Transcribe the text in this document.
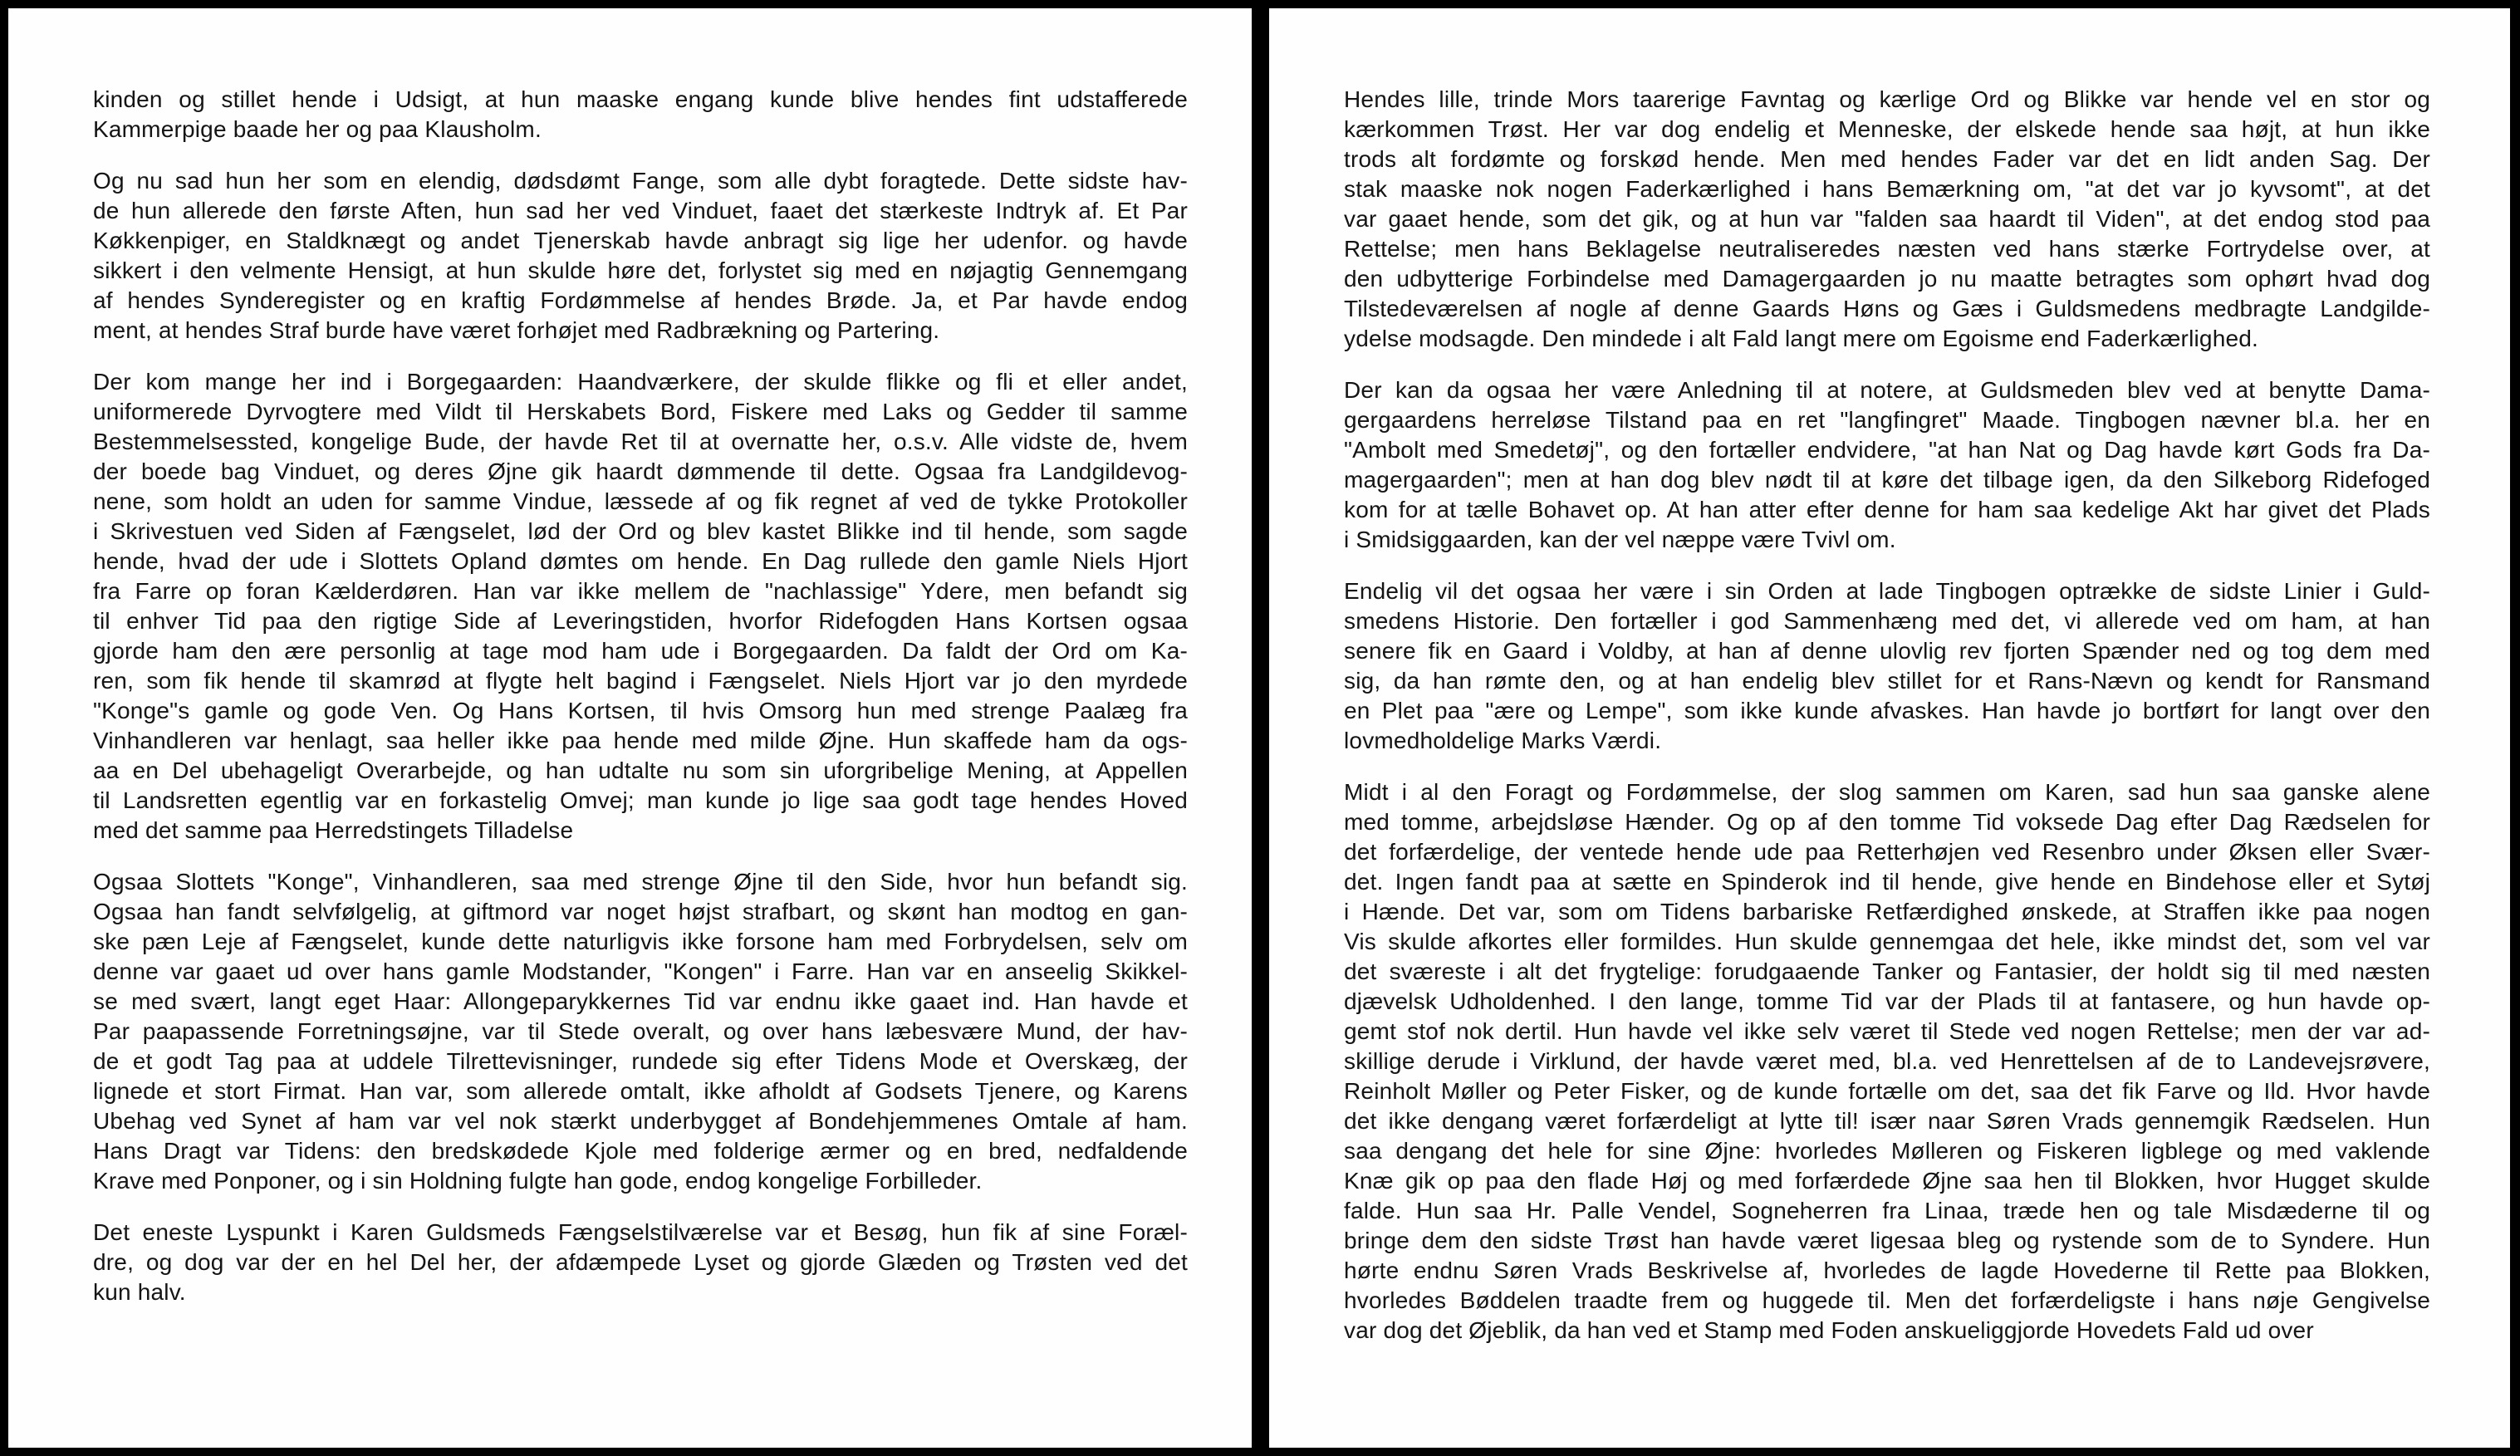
kinden og stillet hende i Udsigt, at hun maaske engang kunde blive hendes fint udstafferede
Kammerpige baade her og paa Klausholm.
Og nu sad hun her som en elendig, dødsdømt Fange, som alle dybt foragtede. Dette sidste hav-
de hun allerede den første Aften, hun sad her ved Vinduet, faaet det stærkeste Indtryk af. Et Par
Køkkenpiger, en Staldknægt og andet Tjenerskab havde anbragt sig lige her udenfor. og havde
sikkert i den velmente Hensigt, at hun skulde høre det, forlystet sig med en nøjagtig Gennemgang
af hendes Synderegister og en kraftig Fordømmelse af hendes Brøde. Ja, et Par havde endog
ment, at hendes Straf burde have været forhøjet med Radbrækning og Partering.
Der kom mange her ind i Borgegaarden: Haandværkere, der skulde flikke og fli et eller andet,
uniformerede Dyrvogtere med Vildt til Herskabets Bord, Fiskere med Laks og Gedder til samme
Bestemmelsessted, kongelige Bude, der havde Ret til at overnatte her, o.s.v. Alle vidste de, hvem
der boede bag Vinduet, og deres Øjne gik haardt dømmende til dette. Ogsaa fra Landgildevog-
nene, som holdt an uden for samme Vindue, læssede af og fik regnet af ved de tykke Protokoller
i Skrivestuen ved Siden af Fængselet, lød der Ord og blev kastet Blikke ind til hende, som sagde
hende, hvad der ude i Slottets Opland dømtes om hende. En Dag rullede den gamle Niels Hjort
fra Farre op foran Kælderdøren. Han var ikke mellem de "nachlassige" Ydere, men befandt sig
til enhver Tid paa den rigtige Side af Leveringstiden, hvorfor Ridefogden Hans Kortsen ogsaa
gjorde ham den ære personlig at tage mod ham ude i Borgegaarden. Da faldt der Ord om Ka-
ren, som fik hende til skamrød at flygte helt bagind i Fængselet. Niels Hjort var jo den myrdede
"Konge"s gamle og gode Ven. Og Hans Kortsen, til hvis Omsorg hun med strenge Paalæg fra
Vinhandleren var henlagt, saa heller ikke paa hende med milde Øjne. Hun skaffede ham da ogs-
aa en Del ubehageligt Overarbejde, og han udtalte nu som sin uforgribelige Mening, at Appellen
til Landsretten egentlig var en forkastelig Omvej; man kunde jo lige saa godt tage hendes Hoved
med det samme paa Herredstingets Tilladelse
Ogsaa Slottets "Konge", Vinhandleren, saa med strenge Øjne til den Side, hvor hun befandt sig.
Ogsaa han fandt selvfølgelig, at giftmord var noget højst strafbart, og skønt han modtog en gan-
ske pæn Leje af Fængselet, kunde dette naturligvis ikke forsone ham med Forbrydelsen, selv om
denne var gaaet ud over hans gamle Modstander, "Kongen" i Farre. Han var en anseelig Skikkel-
se med svært, langt eget Haar: Allongeparykkernes Tid var endnu ikke gaaet ind. Han havde et
Par paapassende Forretningsøjne, var til Stede overalt, og over hans læbesvære Mund, der hav-
de et godt Tag paa at uddele Tilrettevisninger, rundede sig efter Tidens Mode et Overskæg, der
lignede et stort Firmat. Han var, som allerede omtalt, ikke afholdt af Godsets Tjenere, og Karens
Ubehag ved Synet af ham var vel nok stærkt underbygget af Bondehjemmenes Omtale af ham.
Hans Dragt var Tidens: den bredskødede Kjole med folderige ærmer og en bred, nedfaldende
Krave med Ponponer, og i sin Holdning fulgte han gode, endog kongelige Forbilleder.
Det eneste Lyspunkt i Karen Guldsmeds Fængselstilværelse var et Besøg, hun fik af sine Foræl-
dre, og dog var der en hel Del her, der afdæmpede Lyset og gjorde Glæden og Trøsten ved det
kun halv.
Hendes lille, trinde Mors taarerige Favntag og kærlige Ord og Blikke var hende vel en stor og
kærkommen Trøst. Her var dog endelig et Menneske, der elskede hende saa højt, at hun ikke
trods alt fordømte og forskød hende. Men med hendes Fader var det en lidt anden Sag. Der
stak maaske nok nogen Faderkærlighed i hans Bemærkning om, "at det var jo kyvsomt", at det
var gaaet hende, som det gik, og at hun var "falden saa haardt til Viden", at det endog stod paa
Rettelse; men hans Beklagelse neutraliseredes næsten ved hans stærke Fortrydelse over, at
den udbytterige Forbindelse med Damagergaarden jo nu maatte betragtes som ophørt hvad dog
Tilstedeværelsen af nogle af denne Gaards Høns og Gæs i Guldsmedens medbragte Landgilde-
ydelse modsagde. Den mindede i alt Fald langt mere om Egoisme end Faderkærlighed.
Der kan da ogsaa her være Anledning til at notere, at Guldsmeden blev ved at benytte Dama-
gergaardens herreløse Tilstand paa en ret "langfingret" Maade. Tingbogen nævner bl.a. her en
"Ambolt med Smedetøj", og den fortæller endvidere, "at han Nat og Dag havde kørt Gods fra Da-
magergaarden"; men at han dog blev nødt til at køre det tilbage igen, da den Silkeborg Ridefoged
kom for at tælle Bohavet op. At han atter efter denne for ham saa kedelige Akt har givet det Plads
i Smidsiggaarden, kan der vel næppe være Tvivl om.
Endelig vil det ogsaa her være i sin Orden at lade Tingbogen optrække de sidste Linier i Guld-
smedens Historie. Den fortæller i god Sammenhæng med det, vi allerede ved om ham, at han
senere fik en Gaard i Voldby, at han af denne ulovlig rev fjorten Spænder ned og tog dem med
sig, da han rømte den, og at han endelig blev stillet for et Rans-Nævn og kendt for Ransmand
en Plet paa "ære og Lempe", som ikke kunde afvaskes. Han havde jo bortført for langt over den
lovmedholdelige Marks Værdi.
Midt i al den Foragt og Fordømmelse, der slog sammen om Karen, sad hun saa ganske alene
med tomme, arbejdsløse Hænder. Og op af den tomme Tid voksede Dag efter Dag Rædselen for
det forfærdelige, der ventede hende ude paa Retterhøjen ved Resenbro under Øksen eller Svær-
det. Ingen fandt paa at sætte en Spinderok ind til hende, give hende en Bindehose eller et Sytøj
i Hænde. Det var, som om Tidens barbariske Retfærdighed ønskede, at Straffen ikke paa nogen
Vis skulde afkortes eller formildes. Hun skulde gennemgaa det hele, ikke mindst det, som vel var
det sværeste i alt det frygtelige: forudgaaende Tanker og Fantasier, der holdt sig til med næsten
djævelsk Udholdenhed. I den lange, tomme Tid var der Plads til at fantasere, og hun havde op-
gemt stof nok dertil. Hun havde vel ikke selv været til Stede ved nogen Rettelse; men der var ad-
skillige derude i Virklund, der havde været med, bl.a. ved Henrettelsen af de to Landevejsrøvere,
Reinholt Møller og Peter Fisker, og de kunde fortælle om det, saa det fik Farve og Ild. Hvor havde
det ikke dengang været forfærdeligt at lytte til! især naar Søren Vrads gennemgik Rædselen. Hun
saa dengang det hele for sine Øjne: hvorledes Mølleren og Fiskeren ligblege og med vaklende
Knæ gik op paa den flade Høj og med forfærdede Øjne saa hen til Blokken, hvor Hugget skulde
falde. Hun saa Hr. Palle Vendel, Sogneherren fra Linaa, træde hen og tale Misdæderne til og
bringe dem den sidste Trøst han havde været ligesaa bleg og rystende som de to Syndere. Hun
hørte endnu Søren Vrads Beskrivelse af, hvorledes de lagde Hovederne til Rette paa Blokken,
hvorledes Bøddelen traadte frem og huggede til. Men det forfærdeligste i hans nøje Gengivelse
var dog det Øjeblik, da han ved et Stamp med Foden anskueliggjorde Hovedets Fald ud over
